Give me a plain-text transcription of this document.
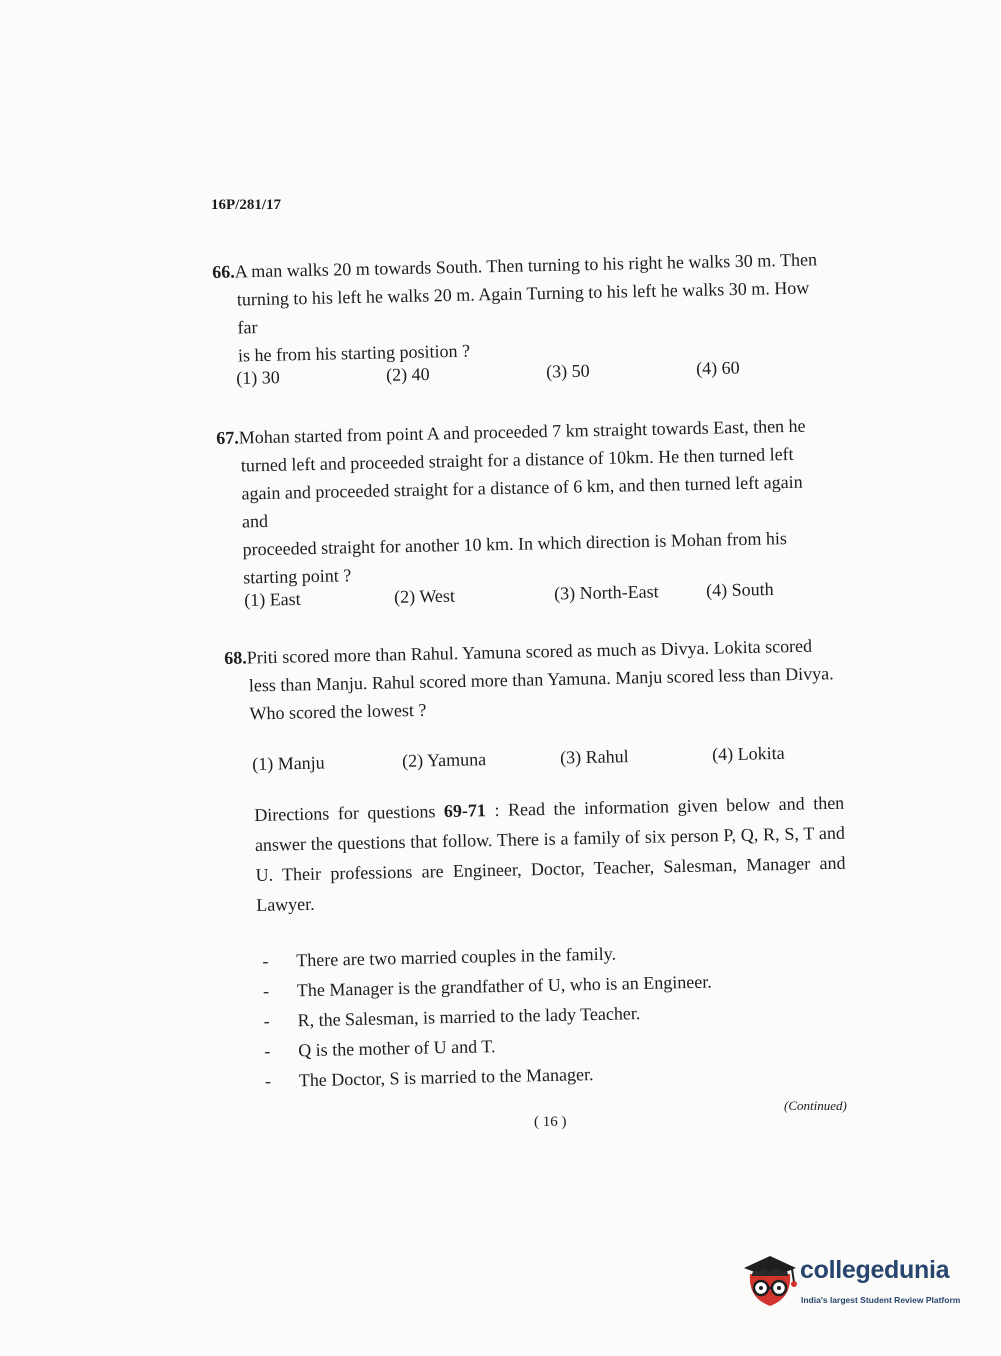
16P/281/17
66.A man walks 20 m towards South. Then turning to his right he walks 30 m. Then
turning to his left he walks 20 m. Again Turning to his left he walks 30 m. How far
is he from his starting position ?
(1) 30	(2) 40	(3) 50	(4) 60
67.Mohan started from point A and proceeded 7 km straight towards East, then he
turned left and proceeded straight for a distance of 10km. He then turned left
again and proceeded straight for a distance of 6 km, and then turned left again and
proceeded straight for another 10 km. In which direction is Mohan from his
starting point ?
(1) East	(2) West	(3) North-East	(4) South
68.Priti scored more than Rahul. Yamuna scored as much as Divya. Lokita scored
less than Manju. Rahul scored more than Yamuna. Manju scored less than Divya.
Who scored the lowest ?
(1) Manju	(2) Yamuna	(3) Rahul	(4) Lokita
Directions for questions 69-71 : Read the information given below and then answer the questions that follow. There is a family of six person P, Q, R, S, T and U. Their professions are Engineer, Doctor, Teacher, Salesman, Manager and Lawyer.
- There are two married couples in the family.
- The Manager is the grandfather of U, who is an Engineer.
- R, the Salesman, is married to the lady Teacher.
- Q is the mother of U and T.
- The Doctor, S is married to the Manager.
(Continued)
( 16 )
collegedunia
India's largest Student Review Platform
